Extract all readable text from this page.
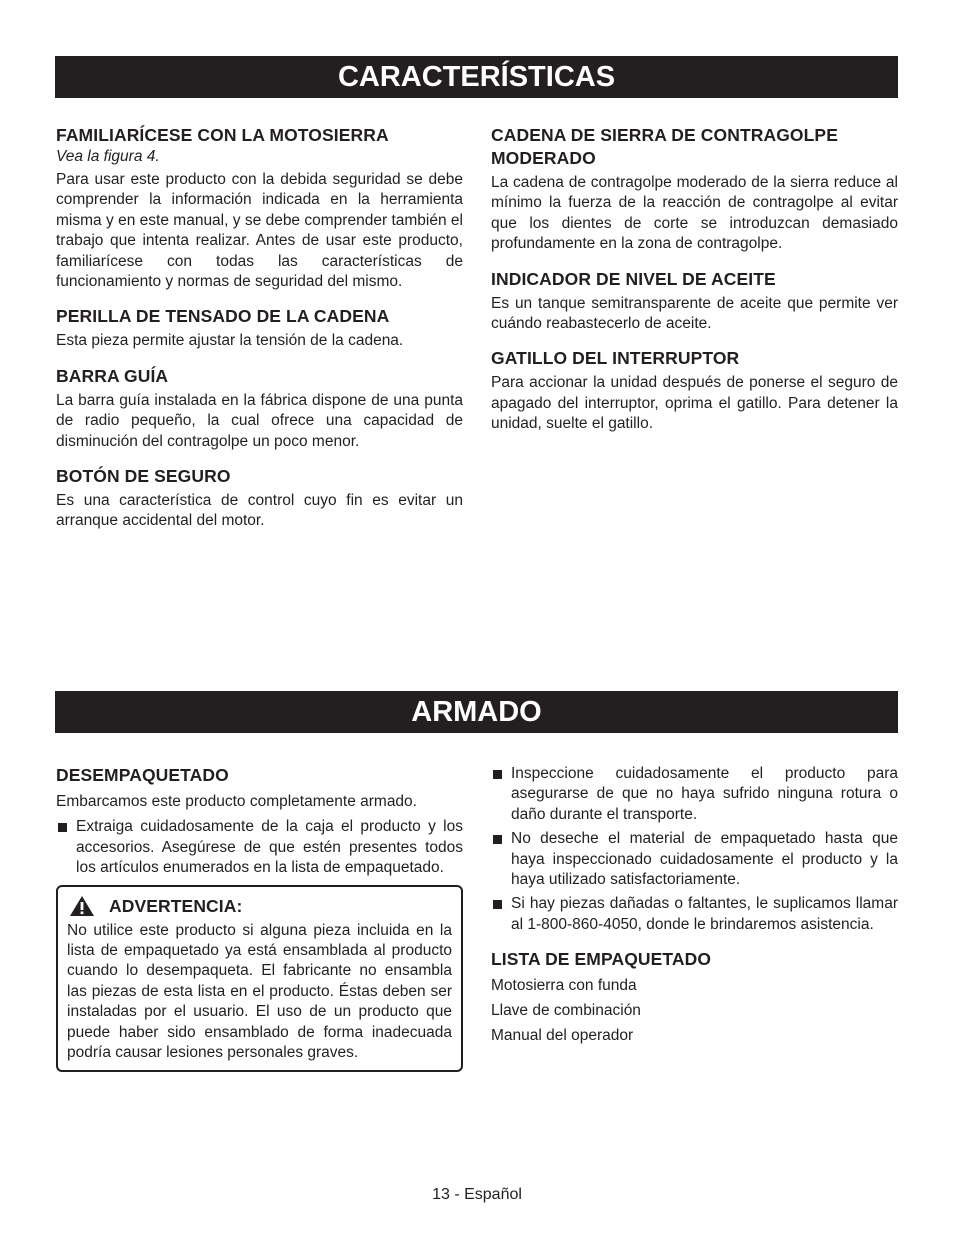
CARACTERÍSTICAS
FAMILIARÍCESE CON LA MOTOSIERRA
Vea la figura 4.

Para usar este producto con la debida seguridad se debe comprender la información indicada en la herramienta misma y en este manual, y se debe comprender también el trabajo que intenta realizar. Antes de usar este producto, familiarícese con todas las características de funcionamiento y normas de seguridad del mismo.

PERILLA DE TENSADO DE LA CADENA

Esta pieza permite ajustar la tensión de la cadena.

BARRA GUÍA

La barra guía instalada en la fábrica dispone de una punta de radio pequeño, la cual ofrece una capacidad de disminución del contragolpe un poco menor.

BOTÓN DE SEGURO

Es una característica de control cuyo fin es evitar un arranque accidental del motor.

CADENA DE SIERRA DE CONTRAGOLPE MODERADO

La cadena de contragolpe moderado de la sierra reduce al mínimo la fuerza de la reacción de contragolpe al evitar que los dientes de corte se introduzcan demasiado profundamente en la zona de contragolpe.

INDICADOR DE NIVEL DE ACEITE

Es un tanque semitransparente de aceite que permite ver cuándo reabastecerlo de aceite.

GATILLO DEL INTERRUPTOR

Para accionar la unidad después de ponerse el seguro de apagado del interruptor, oprima el gatillo. Para detener la unidad, suelte el gatillo.

ARMADO
DESEMPAQUETADO

Embarcamos este producto completamente armado.

Extraiga cuidadosamente de la caja el producto y los accesorios. Asegúrese de que estén presentes todos los artículos enumerados en la lista de empaquetado.
ADVERTENCIA:

No utilice este producto si alguna pieza incluida en la lista de empaquetado ya está ensamblada al producto cuando lo desempaqueta. El fabricante no ensambla las piezas de esta lista en el producto. Éstas deben ser instaladas por el usuario. El uso de un producto que puede haber sido ensamblado de forma inadecuada podría causar lesiones personales graves.

Inspeccione cuidadosamente el producto para asegurarse de que no haya sufrido ninguna rotura o daño durante el transporte.
No deseche el material de empaquetado hasta que haya inspeccionado cuidadosamente el producto y la haya utilizado satisfactoriamente.
Si hay piezas dañadas o faltantes, le suplicamos llamar al 1-800-860-4050, donde le brindaremos asistencia.
LISTA DE EMPAQUETADO
Motosierra con funda
Llave de combinación
Manual del operador
13 - Español
